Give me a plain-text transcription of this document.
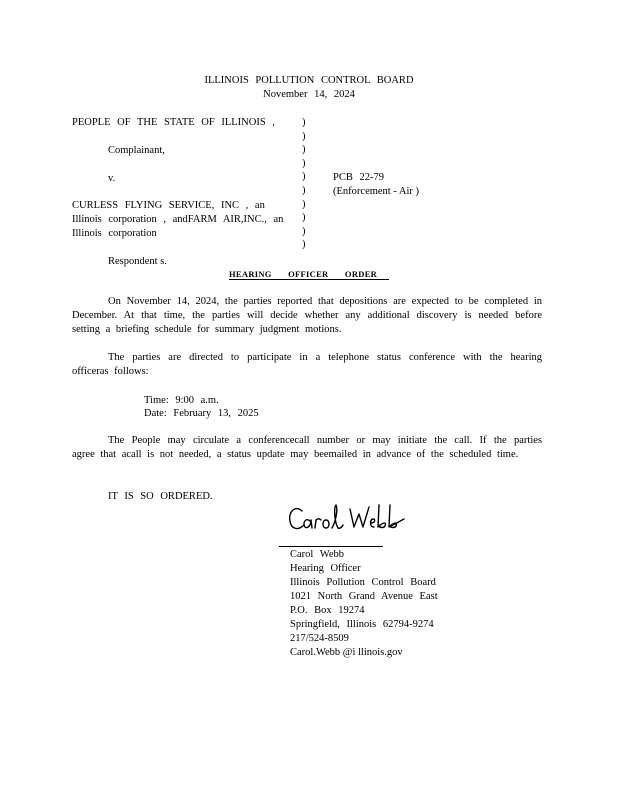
ILLINOIS POLLUTION CONTROL BOARD
November 14, 2024
PEOPLE OF THE STATE OF ILLINOIS ,
Complainant,
v.
CURLESS FLYING SERVICE, INC , an
Illinois corporation , andFARM AIR,INC., an
Illinois corporation
Respondent s.
)
)
)
)
)
)
)
)
)
)
PCB 22-79
(Enforcement - Air )
HEARING OFFICER ORDER
On November 14, 2024, the parties reported that depositions are expected to be completed in December. At that time, the parties will decide whether any additional discovery is needed before setting a briefing schedule for summary judgment motions.
The parties are directed to participate in a telephone status conference with the hearing officeras follows:
Time: 9:00 a.m.
Date: February 13, 2025
The People may circulate a conferencecall number or may initiate the call. If the parties agree that acall is not needed, a status update may beemailed in advance of the scheduled time.
IT IS SO ORDERED.
Carol Webb
Hearing Officer
Illinois Pollution Control Board
1021 North Grand Avenue East
P.O. Box 19274
Springfield, Illinois 62794-9274
217/524-8509
Carol.Webb @i llinois.gov
